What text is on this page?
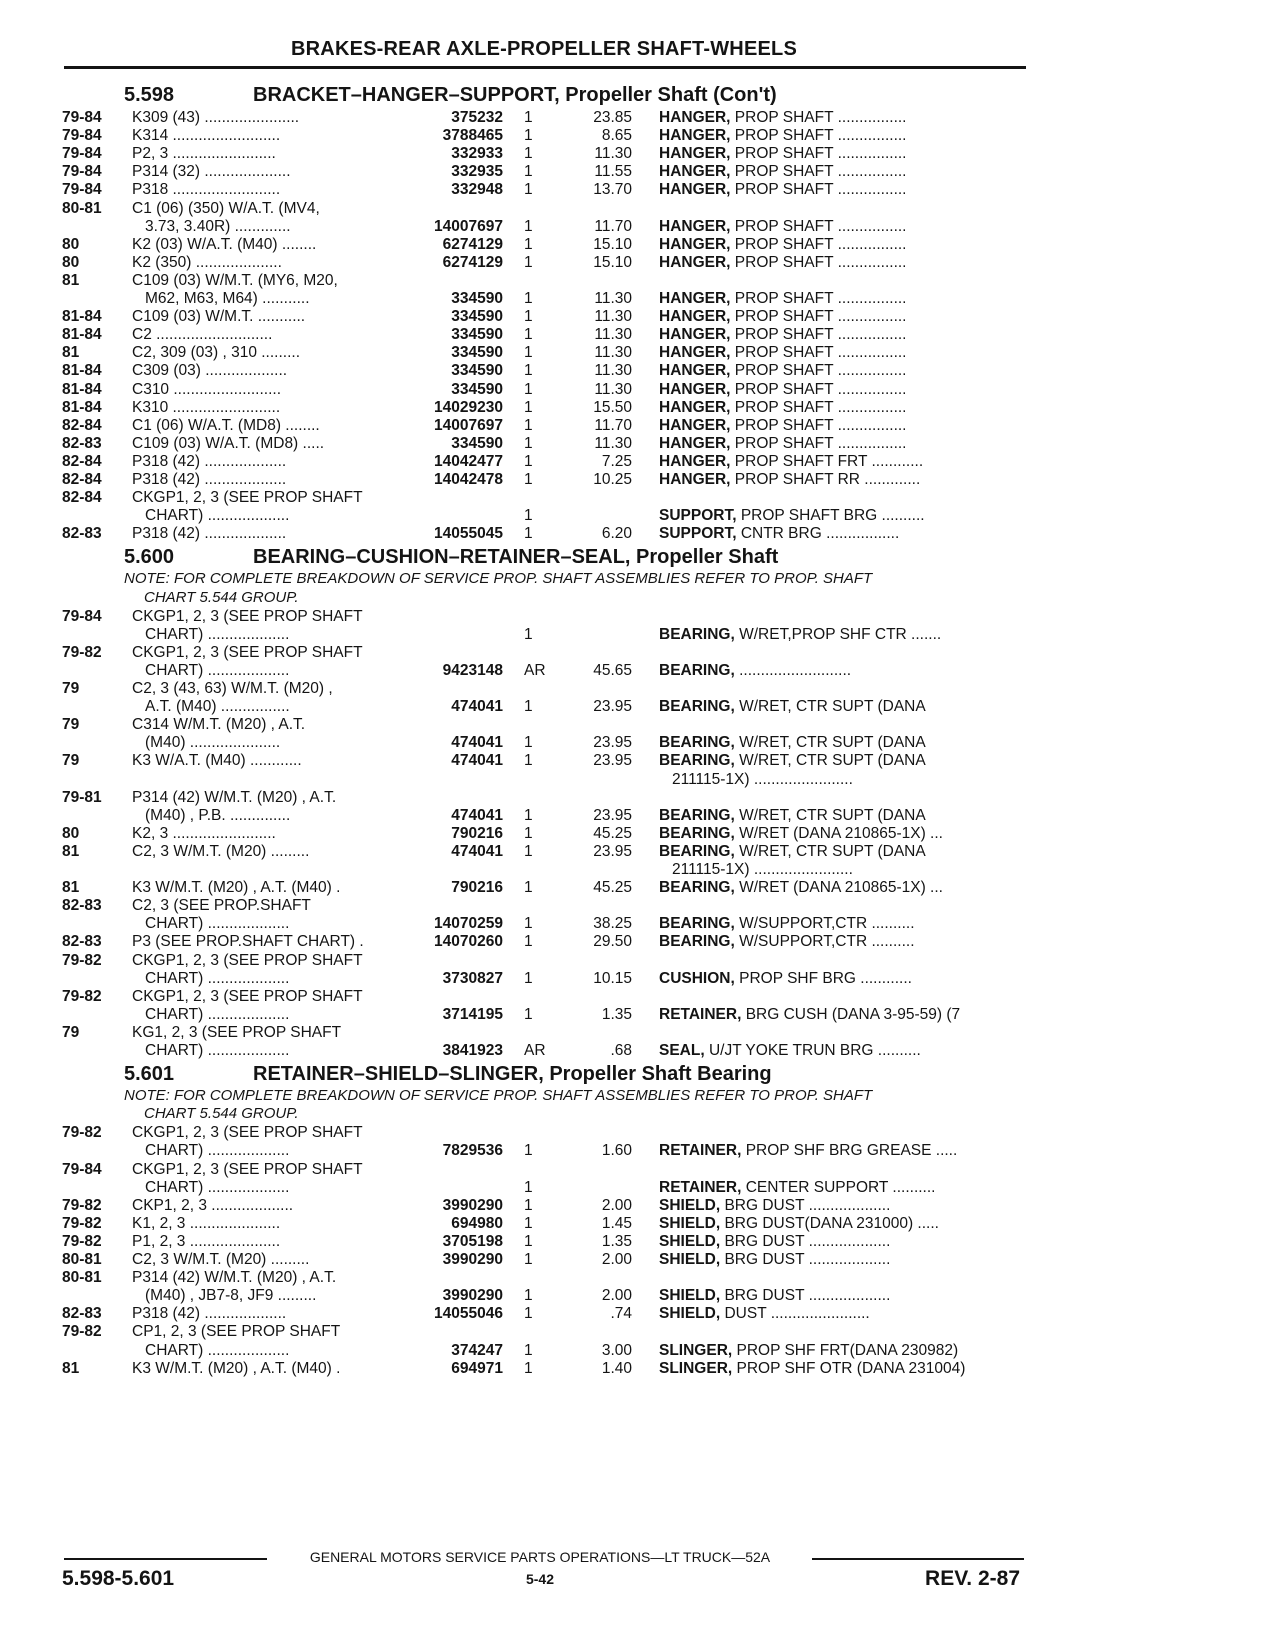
BRAKES-REAR AXLE-PROPELLER SHAFT-WHEELS
5.598	BRACKET–HANGER–SUPPORT, Propeller Shaft (Con't)
79-84	K309 (43) ......................	375232 1	23.85 HANGER, PROP SHAFT ................
79-84	K314 .........................	3788465 1	8.65 HANGER, PROP SHAFT ................
79-84	P2, 3 ........................	332933 1	11.30 HANGER, PROP SHAFT ................
79-84	P314 (32) ....................	332935 1	11.55 HANGER, PROP SHAFT ................
79-84	P318 .........................	332948 1	13.70 HANGER, PROP SHAFT ................
80-81	C1 (06) (350) W/A.T. (MV4,
3.73, 3.40R) .............	14007697 1	11.70 HANGER, PROP SHAFT ................
80	K2 (03) W/A.T. (M40) ........	6274129 1	15.10 HANGER, PROP SHAFT ................
80	K2 (350) ....................	6274129 1	15.10 HANGER, PROP SHAFT ................
81	C109 (03) W/M.T. (MY6, M20,
M62, M63, M64) ...........	334590 1	11.30 HANGER, PROP SHAFT ................
81-84	C109 (03) W/M.T. ...........	334590 1	11.30 HANGER, PROP SHAFT ................
81-84	C2 ...........................	334590 1	11.30 HANGER, PROP SHAFT ................
81	C2, 309 (03) , 310 .........	334590 1	11.30 HANGER, PROP SHAFT ................
81-84	C309 (03) ...................	334590 1	11.30 HANGER, PROP SHAFT ................
81-84	C310 .........................	334590 1	11.30 HANGER, PROP SHAFT ................
81-84	K310 .........................	14029230 1	15.50 HANGER, PROP SHAFT ................
82-84	C1 (06) W/A.T. (MD8) ........	14007697 1	11.70 HANGER, PROP SHAFT ................
82-83	C109 (03) W/A.T. (MD8) .....	334590 1	11.30 HANGER, PROP SHAFT ................
82-84	P318 (42) ...................	14042477 1	7.25 HANGER, PROP SHAFT FRT ............
82-84	P318 (42) ...................	14042478 1	10.25 HANGER, PROP SHAFT RR .............
82-84	CKGP1, 2, 3 (SEE PROP SHAFT
CHART) ...................	1	SUPPORT, PROP SHAFT BRG ..........
82-83	P318 (42) ...................	14055045 1	6.20 SUPPORT, CNTR BRG .................
5.600	BEARING–CUSHION–RETAINER–SEAL, Propeller Shaft
NOTE: FOR COMPLETE BREAKDOWN OF SERVICE PROP. SHAFT ASSEMBLIES REFER TO PROP. SHAFT
CHART 5.544 GROUP.
79-84	CKGP1, 2, 3 (SEE PROP SHAFT
CHART) ...................	1	BEARING, W/RET,PROP SHF CTR .......
79-82	CKGP1, 2, 3 (SEE PROP SHAFT
CHART) ...................	9423148 AR	45.65 BEARING, ..........................
79	C2, 3 (43, 63) W/M.T. (M20) ,
A.T. (M40) ................	474041 1	23.95 BEARING, W/RET, CTR SUPT (DANA
79	C314 W/M.T. (M20) , A.T.
(M40) .....................	474041 1	23.95 BEARING, W/RET, CTR SUPT (DANA
79	K3 W/A.T. (M40) ............	474041 1	23.95 BEARING, W/RET, CTR SUPT (DANA
211115-1X) .......................
79-81	P314 (42) W/M.T. (M20) , A.T.
(M40) , P.B. ..............	474041 1	23.95 BEARING, W/RET, CTR SUPT (DANA
80	K2, 3 ........................	790216 1	45.25 BEARING, W/RET (DANA 210865-1X) ...
81	C2, 3 W/M.T. (M20) .........	474041 1	23.95 BEARING, W/RET, CTR SUPT (DANA
211115-1X) .......................
81	K3 W/M.T. (M20) , A.T. (M40) .	790216 1	45.25 BEARING, W/RET (DANA 210865-1X) ...
82-83	C2, 3 (SEE PROP.SHAFT
CHART) ...................	14070259 1	38.25 BEARING, W/SUPPORT,CTR ..........
82-83	P3 (SEE PROP.SHAFT CHART) .	14070260 1	29.50 BEARING, W/SUPPORT,CTR ..........
79-82	CKGP1, 2, 3 (SEE PROP SHAFT
CHART) ...................	3730827 1	10.15 CUSHION, PROP SHF BRG ............
79-82	CKGP1, 2, 3 (SEE PROP SHAFT
CHART) ...................	3714195 1	1.35 RETAINER, BRG CUSH (DANA 3-95-59) (7
79	KG1, 2, 3 (SEE PROP SHAFT
CHART) ...................	3841923 AR	.68 SEAL, U/JT YOKE TRUN BRG ..........
5.601	RETAINER–SHIELD–SLINGER, Propeller Shaft Bearing
NOTE: FOR COMPLETE BREAKDOWN OF SERVICE PROP. SHAFT ASSEMBLIES REFER TO PROP. SHAFT
CHART 5.544 GROUP.
79-82	CKGP1, 2, 3 (SEE PROP SHAFT
CHART) ...................	7829536 1	1.60 RETAINER, PROP SHF BRG GREASE .....
79-84	CKGP1, 2, 3 (SEE PROP SHAFT
CHART) ...................	1	RETAINER, CENTER SUPPORT ..........
79-82	CKP1, 2, 3 ...................	3990290 1	2.00 SHIELD, BRG DUST ...................
79-82	K1, 2, 3 .....................	694980 1	1.45 SHIELD, BRG DUST(DANA 231000) .....
79-82	P1, 2, 3 .....................	3705198 1	1.35 SHIELD, BRG DUST ...................
80-81	C2, 3 W/M.T. (M20) .........	3990290 1	2.00 SHIELD, BRG DUST ...................
80-81	P314 (42) W/M.T. (M20) , A.T.
(M40) , JB7-8, JF9 .........	3990290 1	2.00 SHIELD, BRG DUST ...................
82-83	P318 (42) ...................	14055046 1	.74 SHIELD, DUST .......................
79-82	CP1, 2, 3 (SEE PROP SHAFT
CHART) ...................	374247 1	3.00 SLINGER, PROP SHF FRT(DANA 230982)
81	K3 W/M.T. (M20) , A.T. (M40) .	694971 1	1.40 SLINGER, PROP SHF OTR (DANA 231004)
GENERAL MOTORS SERVICE PARTS OPERATIONS—LT TRUCK—52A
5.598-5.601	5-42	REV. 2-87
